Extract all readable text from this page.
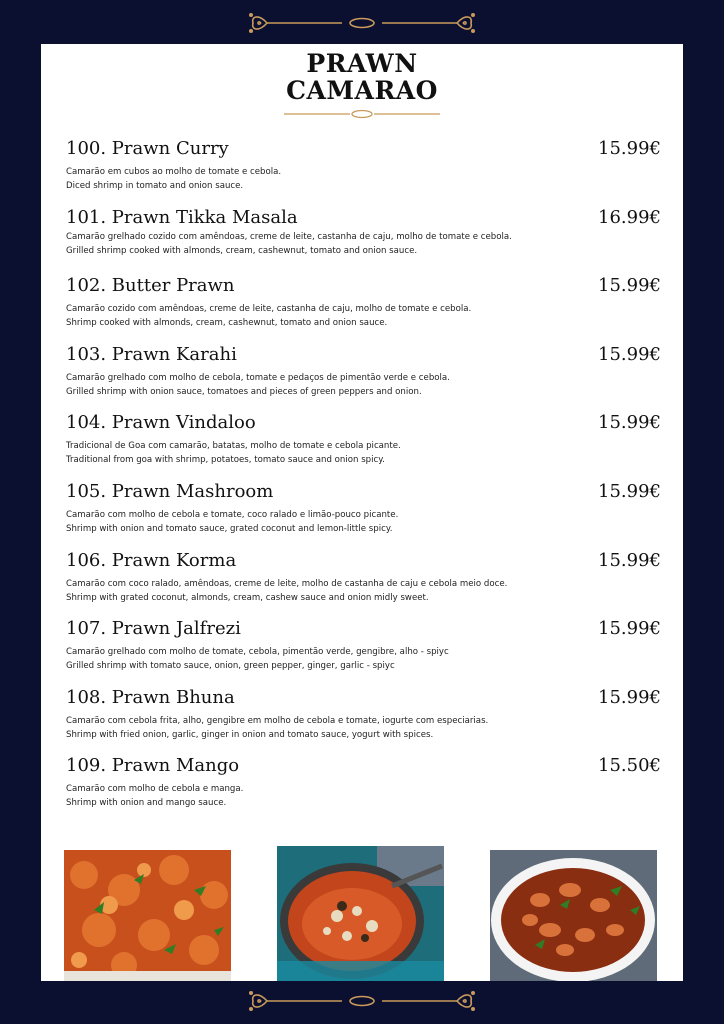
PRAWN
CAMARAO
100. Prawn Curry	15.99€
Camarão em cubos ao molho de tomate e cebola.
Diced shrimp in tomato and onion sauce.
101. Prawn Tikka Masala	16.99€
Camarão grelhado cozido com amêndoas, creme de leite, castanha de caju, molho de tomate e cebola.
Grilled shrimp cooked with almonds, cream, cashewnut, tomato and onion sauce.
102. Butter Prawn	15.99€
Camarão cozido com amêndoas, creme de leite, castanha de caju, molho de tomate e cebola.
Shrimp cooked with almonds, cream, cashewnut, tomato and onion sauce.
103. Prawn Karahi	15.99€
Camarão grelhado com molho de cebola, tomate e pedaços de pimentão verde e cebola.
Grilled shrimp with onion sauce, tomatoes and pieces of green peppers and onion.
104. Prawn Vindaloo	15.99€
Tradicional de Goa com camarão, batatas, molho de tomate e cebola picante.
Traditional from goa with shrimp, potatoes, tomato sauce and onion spicy.
105. Prawn Mashroom	15.99€
Camarão com molho de cebola e tomate, coco ralado e limão-pouco picante.
Shrimp with onion and tomato sauce, grated coconut and lemon-little spicy.
106. Prawn Korma	15.99€
Camarão com coco ralado, amêndoas, creme de leite, molho de castanha de caju e cebola meio doce.
Shrimp with grated coconut, almonds, cream, cashew sauce and onion midly sweet.
107. Prawn Jalfrezi	15.99€
Camarão grelhado com molho de tomate, cebola, pimentão verde, gengibre, alho - spiyc
Grilled shrimp with tomato sauce, onion, green pepper, ginger, garlic - spiyc
108. Prawn Bhuna	15.99€
Camarão com cebola frita, alho, gengibre em molho de cebola e tomate, iogurte com especiarias.
Shrimp with fried onion, garlic, ginger in onion and tomato sauce, yogurt with spices.
109. Prawn Mango	15.50€
Camarão com molho de cebola e manga.
Shrimp with onion and mango sauce.
